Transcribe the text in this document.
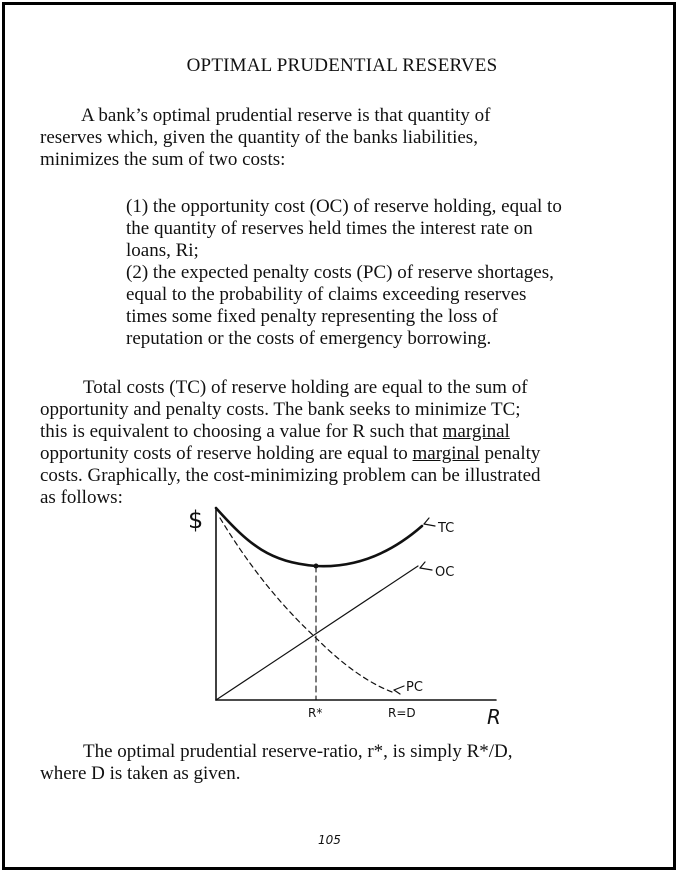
OPTIMAL PRUDENTIAL RESERVES
A bank’s optimal prudential reserve is that quantity of
reserves which, given the quantity of the banks liabilities,
minimizes the sum of two costs:
(1) the opportunity cost (OC) of reserve holding, equal to
the quantity of reserves held times the interest rate on
loans, Ri;
(2) the expected penalty costs (PC) of reserve shortages,
equal to the probability of claims exceeding reserves
times some fixed penalty representing the loss of
reputation or the costs of emergency borrowing.
Total costs (TC) of reserve holding are equal to the sum of
opportunity and penalty costs. The bank seeks to minimize TC;
this is equivalent to choosing a value for R such that marginal
opportunity costs of reserve holding are equal to marginal penalty
costs. Graphically, the cost-minimizing problem can be illustrated
as follows:
$
R
TC
OC
PC
R*	R=D
The optimal prudential reserve-ratio, r*, is simply R*/D,
where D is taken as given.
105
